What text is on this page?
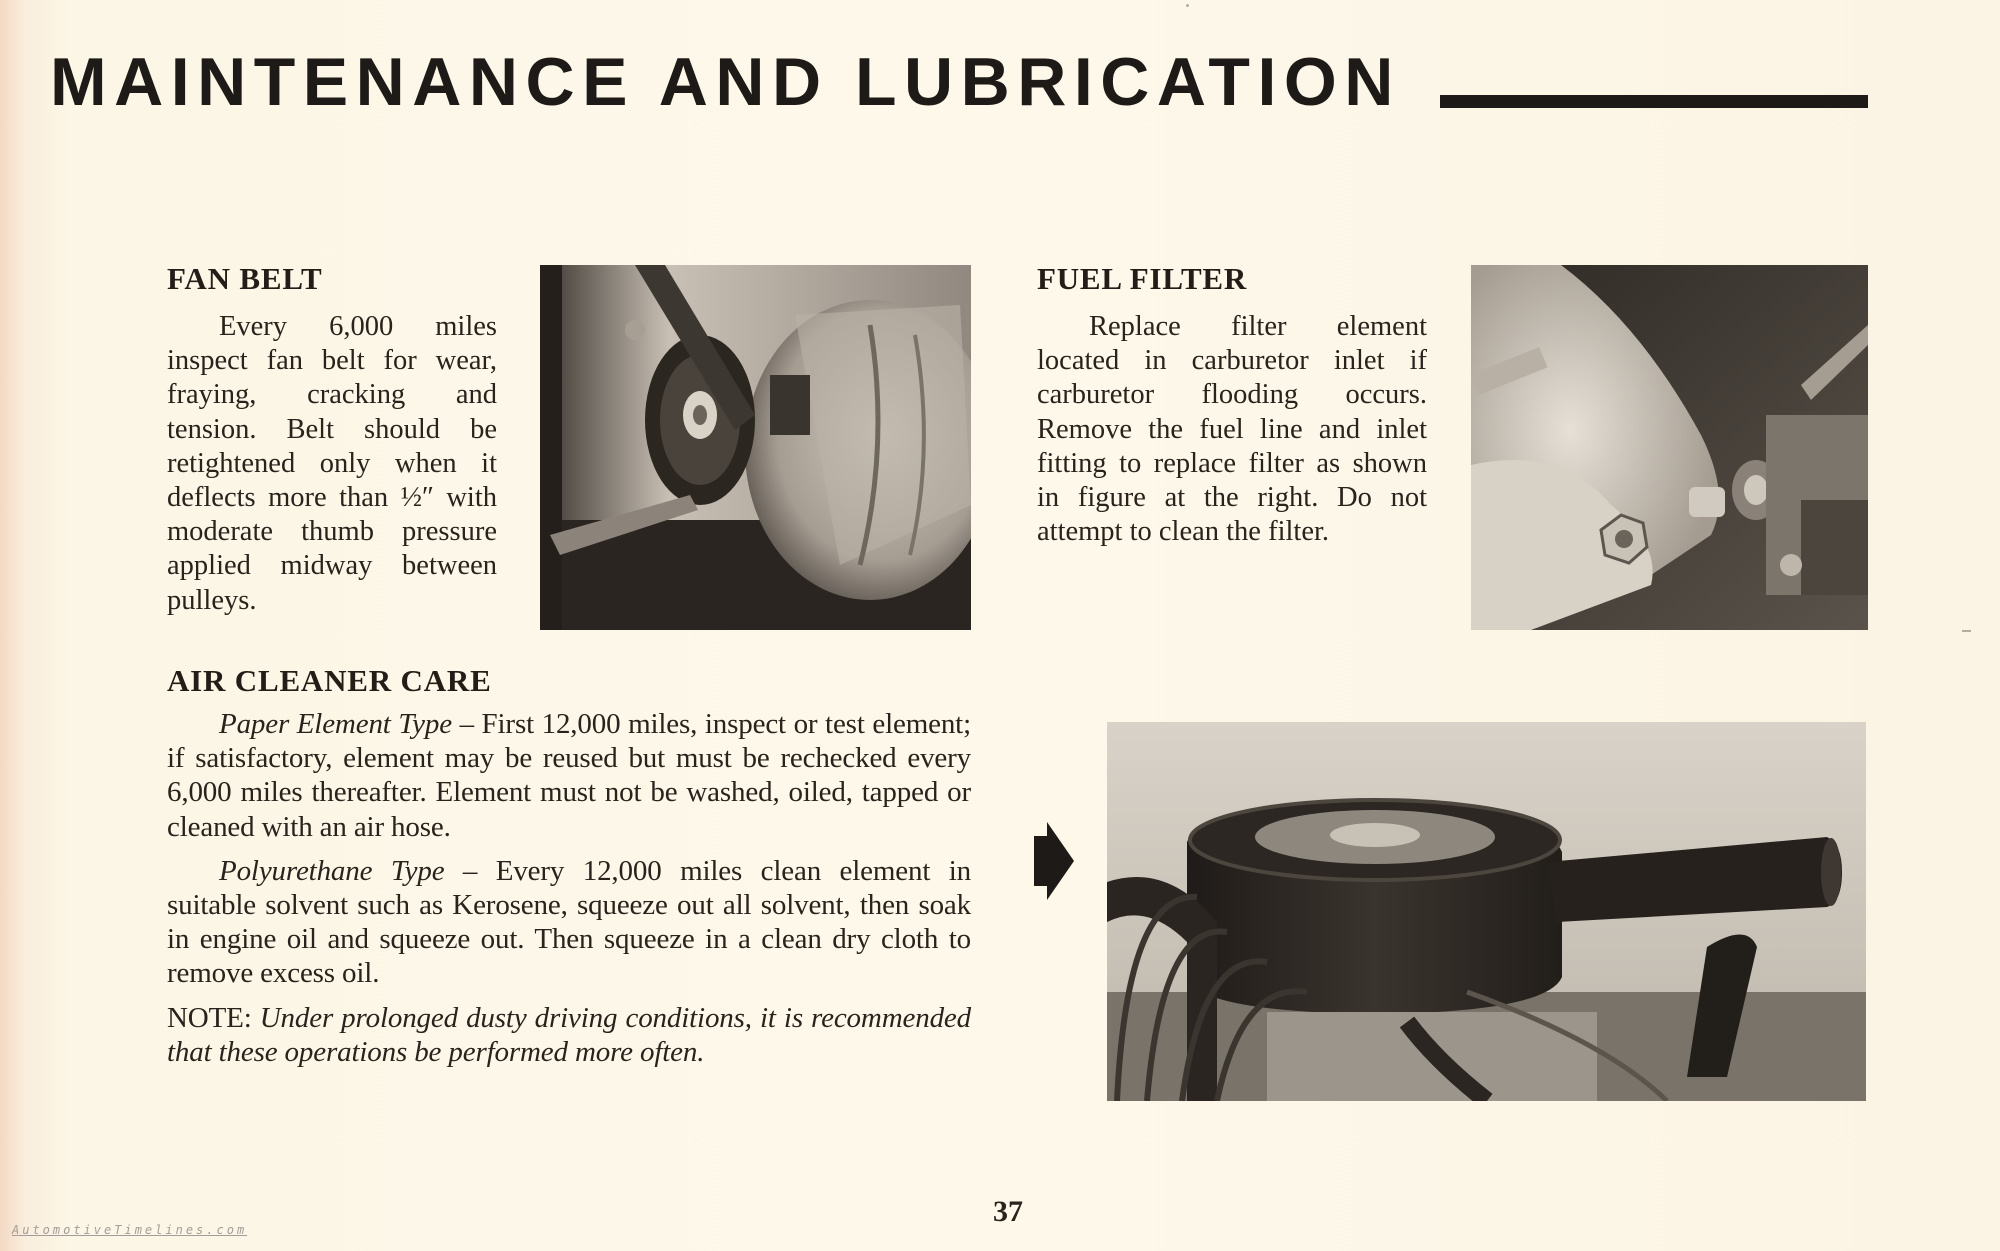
MAINTENANCE AND LUBRICATION
FAN BELT

Every 6,000 miles inspect fan belt for wear, fraying, cracking and tension. Belt should be retightened only when it deflects more than ½″ with moderate thumb pressure applied midway between pulleys.

AIR CLEANER CARE

Paper Element Type – First 12,000 miles, inspect or test element; if satisfactory, element may be reused but must be rechecked every 6,000 miles thereafter. Element must not be washed, oiled, tapped or cleaned with an air hose.

Polyurethane Type – Every 12,000 miles clean element in suitable solvent such as Kerosene, squeeze out all solvent, then soak in engine oil and squeeze out. Then squeeze in a clean dry cloth to remove excess oil.

NOTE: Under prolonged dusty driving conditions, it is recommended that these operations be performed more often.

FUEL FILTER

Replace filter element located in carburetor inlet if carburetor flooding occurs. Remove the fuel line and inlet fitting to replace filter as shown in figure at the right. Do not attempt to clean the filter.

37
AutomotiveTimelines.com
